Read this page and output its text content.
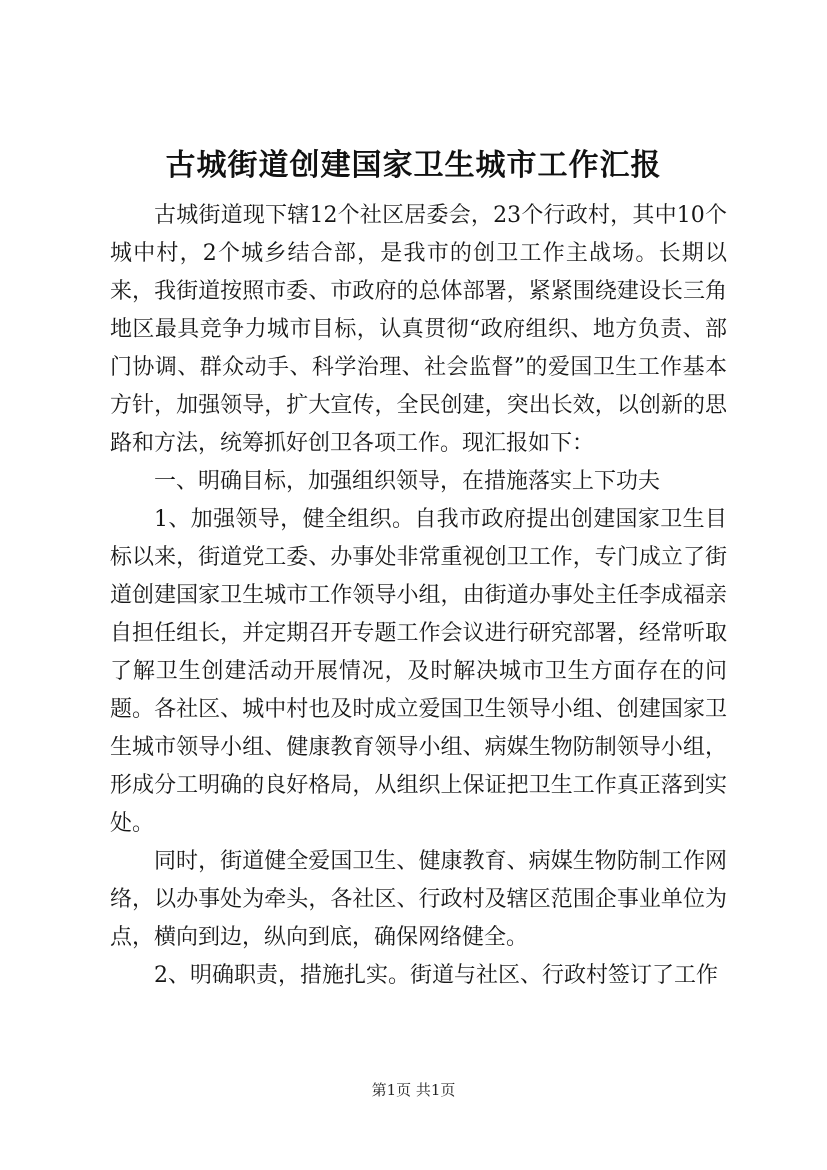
古城街道创建国家卫生城市工作汇报

古城街道现下辖12个社区居委会，23个行政村，其中10个城中村，2个城乡结合部，是我市的创卫工作主战场。长期以来，我街道按照市委、市政府的总体部署，紧紧围绕建设长三角地区最具竞争力城市目标，认真贯彻“政府组织、地方负责、部门协调、群众动手、科学治理、社会监督”的爱国卫生工作基本方针，加强领导，扩大宣传，全民创建，突出长效，以创新的思路和方法，统筹抓好创卫各项工作。现汇报如下：

一、明确目标，加强组织领导，在措施落实上下功夫

1、加强领导，健全组织。自我市政府提出创建国家卫生目标以来，街道党工委、办事处非常重视创卫工作，专门成立了街道创建国家卫生城市工作领导小组，由街道办事处主任李成福亲自担任组长，并定期召开专题工作会议进行研究部署，经常听取了解卫生创建活动开展情况，及时解决城市卫生方面存在的问题。各社区、城中村也及时成立爱国卫生领导小组、创建国家卫生城市领导小组、健康教育领导小组、病媒生物防制领导小组，形成分工明确的良好格局，从组织上保证把卫生工作真正落到实处。

同时，街道健全爱国卫生、健康教育、病媒生物防制工作网络，以办事处为牵头，各社区、行政村及辖区范围企事业单位为点，横向到边，纵向到底，确保网络健全。

2、明确职责，措施扎实。街道与社区、行政村签订了工作

第1页 共1页
